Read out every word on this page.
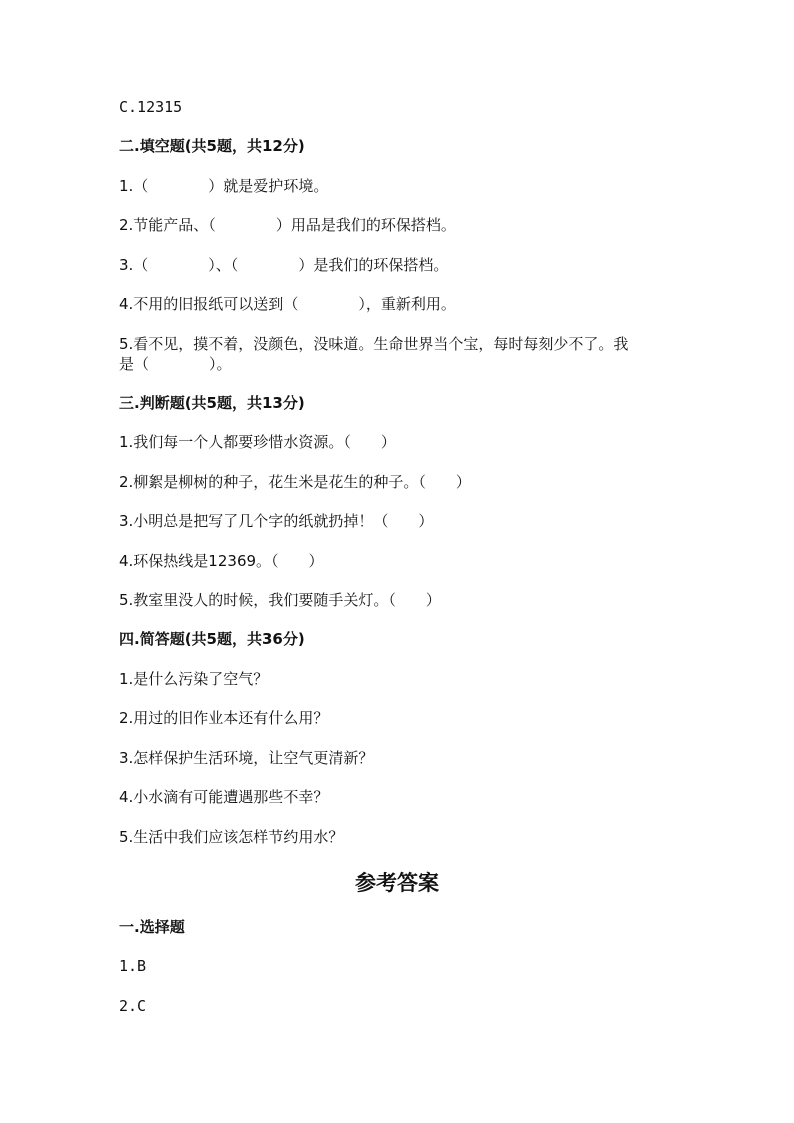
C.12315
二.填空题(共5题，共12分)
1.（　　　　）就是爱护环境。
2.节能产品、（　　　　）用品是我们的环保搭档。
3.（　　　　）、（　　　　）是我们的环保搭档。
4.不用的旧报纸可以送到（　　　　），重新利用。
5.看不见，摸不着，没颜色，没味道。生命世界当个宝，每时每刻少不了。我
是（　　　　）。
三.判断题(共5题，共13分)
1.我们每一个人都要珍惜水资源。（　　）
2.柳絮是柳树的种子，花生米是花生的种子。（　　）
3.小明总是把写了几个字的纸就扔掉！（　　）
4.环保热线是12369。（　　）
5.教室里没人的时候，我们要随手关灯。（　　）
四.简答题(共5题，共36分)
1.是什么污染了空气？
2.用过的旧作业本还有什么用？
3.怎样保护生活环境，让空气更清新？
4.小水滴有可能遭遇那些不幸？
5.生活中我们应该怎样节约用水？
参考答案
一.选择题
1.B
2.C
